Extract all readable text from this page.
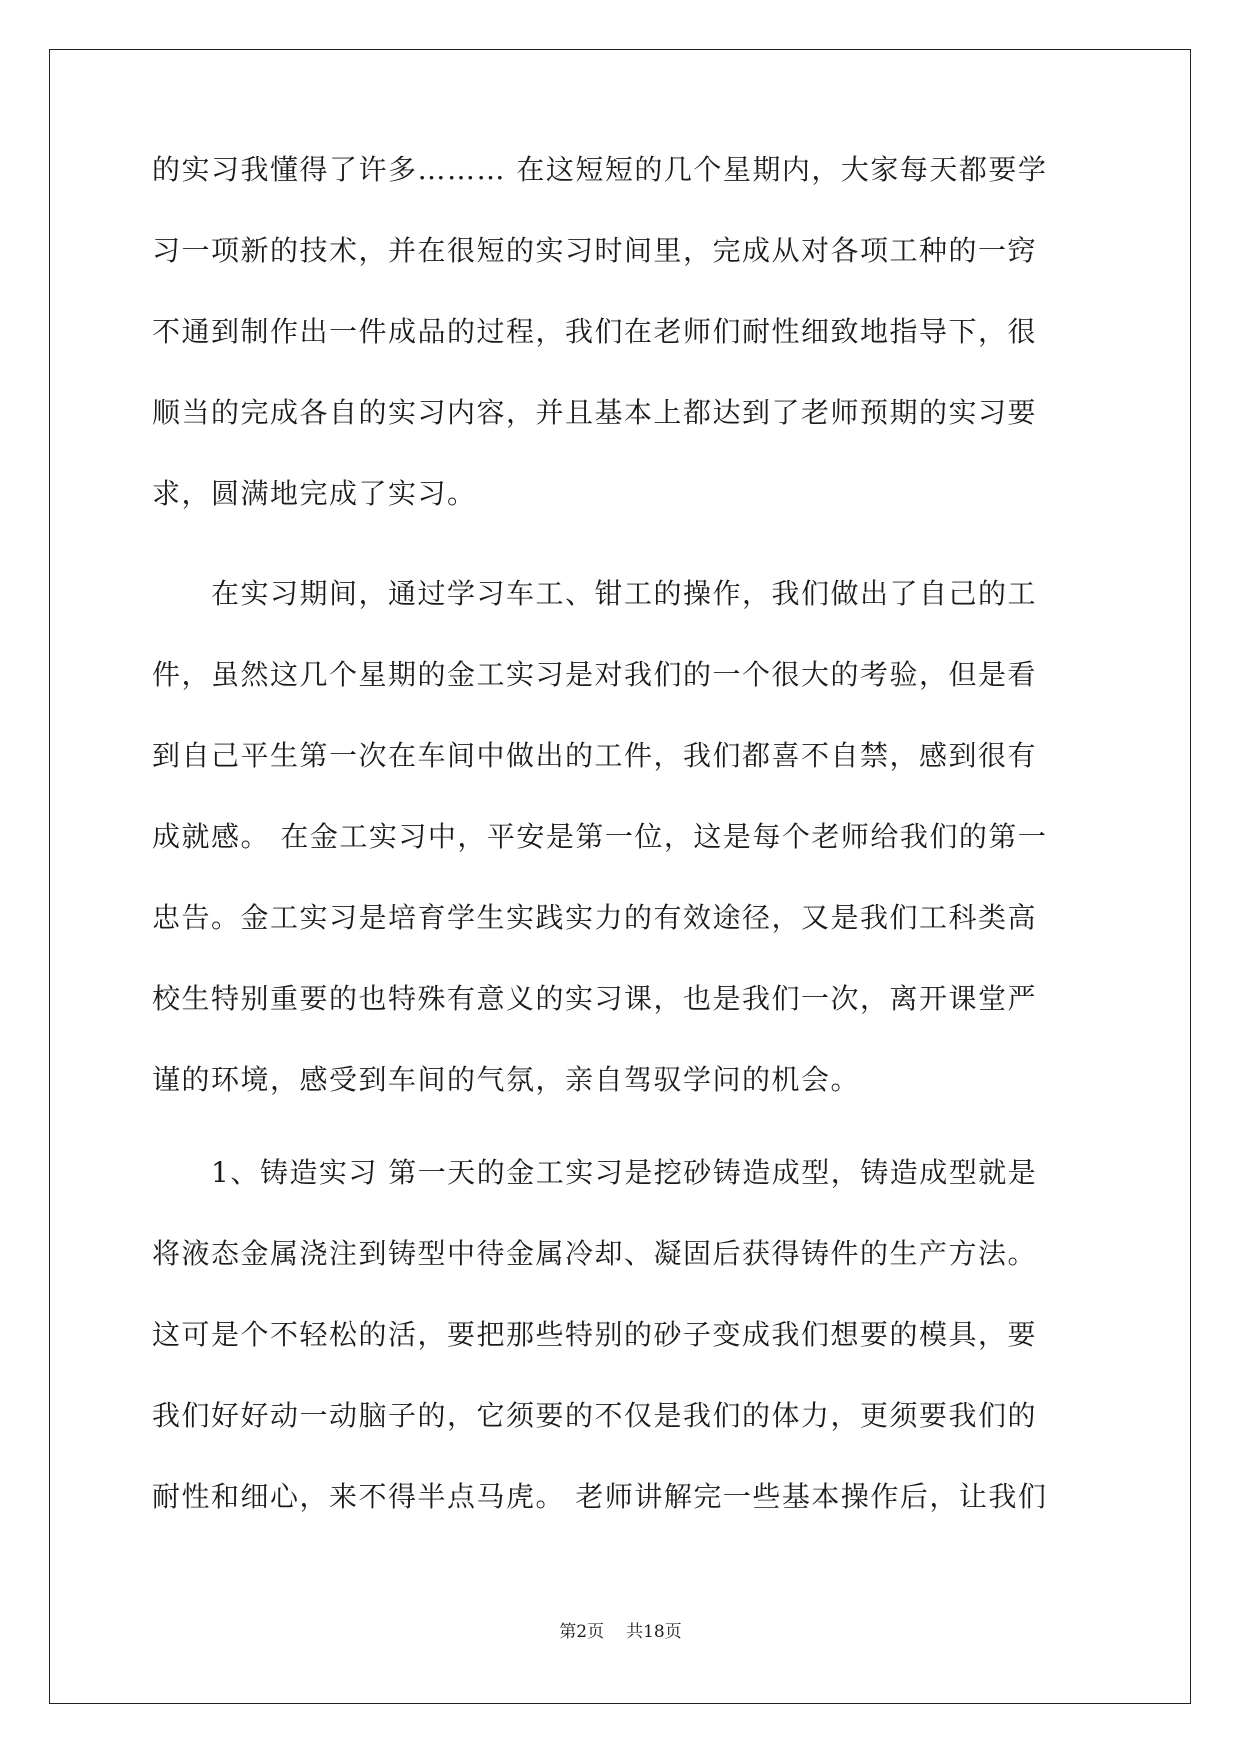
的实习我懂得了许多……… 在这短短的几个星期内，大家每天都要学
习一项新的技术，并在很短的实习时间里，完成从对各项工种的一窍
不通到制作出一件成品的过程，我们在老师们耐性细致地指导下，很
顺当的完成各自的实习内容，并且基本上都达到了老师预期的实习要
求，圆满地完成了实习。
　　在实习期间，通过学习车工、钳工的操作，我们做出了自己的工
件，虽然这几个星期的金工实习是对我们的一个很大的考验，但是看
到自己平生第一次在车间中做出的工件，我们都喜不自禁，感到很有
成就感。 在金工实习中，平安是第一位，这是每个老师给我们的第一
忠告。金工实习是培育学生实践实力的有效途径，又是我们工科类高
校生特别重要的也特殊有意义的实习课，也是我们一次，离开课堂严
谨的环境，感受到车间的气氛，亲自驾驭学问的机会。
　　1、铸造实习 第一天的金工实习是挖砂铸造成型，铸造成型就是
将液态金属浇注到铸型中待金属冷却、凝固后获得铸件的生产方法。
这可是个不轻松的活，要把那些特别的砂子变成我们想要的模具，要
我们好好动一动脑子的，它须要的不仅是我们的体力，更须要我们的
耐性和细心，来不得半点马虎。 老师讲解完一些基本操作后，让我们
第2页 共18页
